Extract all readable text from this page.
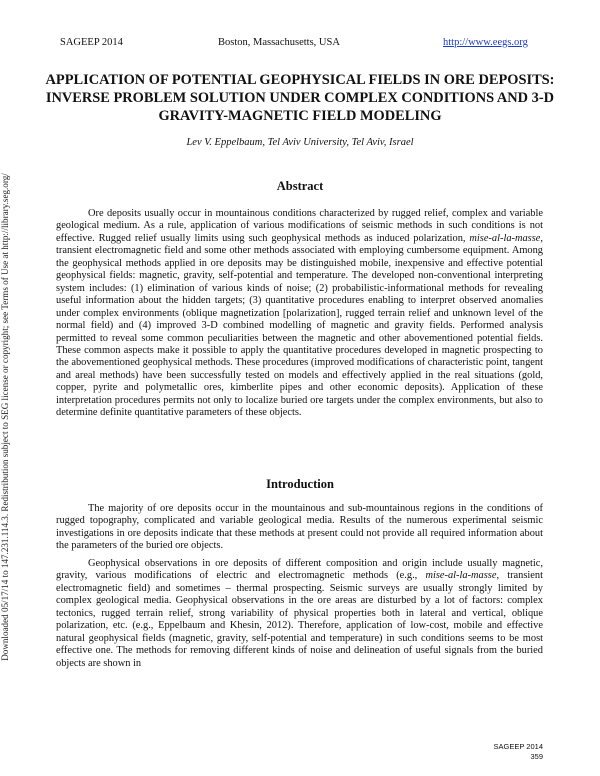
SAGEEP 2014	Boston, Massachusetts, USA	http://www.eegs.org
APPLICATION OF POTENTIAL GEOPHYSICAL FIELDS IN ORE DEPOSITS: INVERSE PROBLEM SOLUTION UNDER COMPLEX CONDITIONS AND 3-D GRAVITY-MAGNETIC FIELD MODELING
Lev V. Eppelbaum, Tel Aviv University, Tel Aviv, Israel
Abstract

Ore deposits usually occur in mountainous conditions characterized by rugged relief, complex and variable geological medium. As a rule, application of various modifications of seismic methods in such conditions is not effective. Rugged relief usually limits using such geophysical methods as induced polarization, mise-al-la-masse, transient electromagnetic field and some other methods associated with employing cumbersome equipment. Among the geophysical methods applied in ore deposits may be distinguished mobile, inexpensive and effective potential geophysical fields: magnetic, gravity, self-potential and temperature. The developed non-conventional interpreting system includes: (1) elimination of various kinds of noise; (2) probabilistic-informational methods for revealing useful information about the hidden targets; (3) quantitative procedures enabling to interpret observed anomalies under complex environments (oblique magnetization [polarization], rugged terrain relief and unknown level of the normal field) and (4) improved 3-D combined modelling of magnetic and gravity fields. Performed analysis permitted to reveal some common peculiarities between the magnetic and other abovementioned potential fields. These common aspects make it possible to apply the quantitative procedures developed in magnetic prospecting to the abovementioned geophysical methods. These procedures (improved modifications of characteristic point, tangent and areal methods) have been successfully tested on models and effectively applied in the real situations (gold, copper, pyrite and polymetallic ores, kimberlite pipes and other economic deposits). Application of these interpretation procedures permits not only to localize buried ore targets under the complex environments, but also to determine definite quantitative parameters of these objects.

Introduction

The majority of ore deposits occur in the mountainous and sub-mountainous regions in the conditions of rugged topography, complicated and variable geological media. Results of the numerous experimental seismic investigations in ore deposits indicate that these methods at present could not provide all required information about the parameters of the buried ore objects.

Geophysical observations in ore deposits of different composition and origin include usually magnetic, gravity, various modifications of electric and electromagnetic methods (e.g., mise-al-la-masse, transient electromagnetic field) and sometimes – thermal prospecting. Seismic surveys are usually strongly limited by complex geological media. Geophysical observations in the ore areas are disturbed by a lot of factors: complex tectonics, rugged terrain relief, strong variability of physical properties both in lateral and vertical, oblique polarization, etc. (e.g., Eppelbaum and Khesin, 2012). Therefore, application of low-cost, mobile and effective natural geophysical fields (magnetic, gravity, self-potential and temperature) in such conditions seems to be most effective one. The methods for removing different kinds of noise and delineation of useful signals from the buried objects are shown in

Downloaded 05/17/14 to 147.231.114.3. Redistribution subject to SEG license or copyright; see Terms of Use at http://library.seg.org/
SAGEEP 2014
359
